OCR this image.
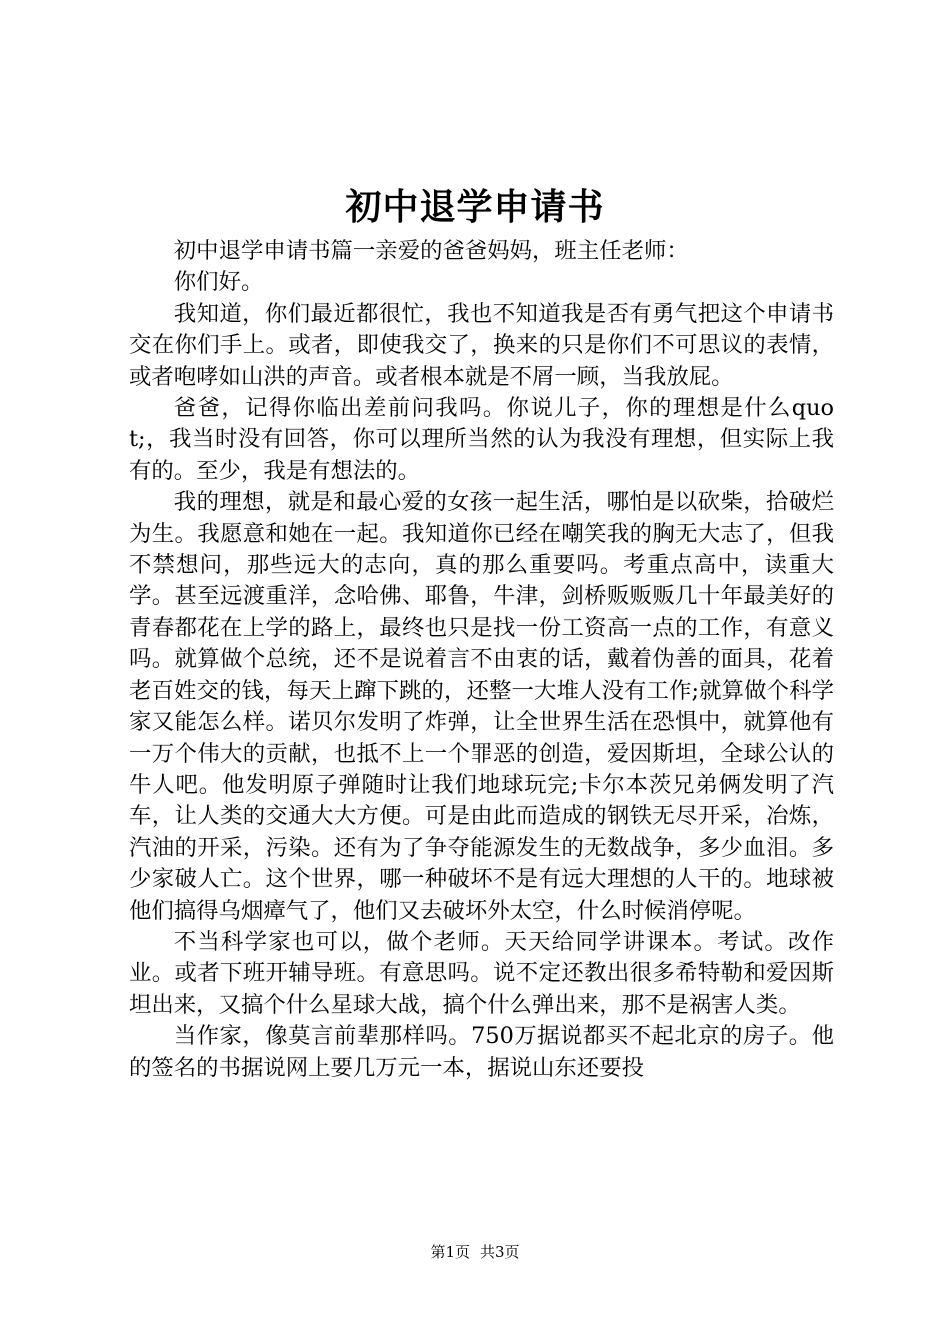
初中退学申请书

初中退学申请书篇一亲爱的爸爸妈妈，班主任老师：

你们好。

我知道，你们最近都很忙，我也不知道我是否有勇气把这个申请书交在你们手上。或者，即使我交了，换来的只是你们不可思议的表情，或者咆哮如山洪的声音。或者根本就是不屑一顾，当我放屁。

爸爸，记得你临出差前问我吗。你说儿子，你的理想是什么quot;，我当时没有回答，你可以理所当然的认为我没有理想，但实际上我有的。至少，我是有想法的。

我的理想，就是和最心爱的女孩一起生活，哪怕是以砍柴，拾破烂为生。我愿意和她在一起。我知道你已经在嘲笑我的胸无大志了，但我不禁想问，那些远大的志向，真的那么重要吗。考重点高中，读重大学。甚至远渡重洋，念哈佛、耶鲁，牛津，剑桥贩贩贩几十年最美好的青春都花在上学的路上，最终也只是找一份工资高一点的工作，有意义吗。就算做个总统，还不是说着言不由衷的话，戴着伪善的面具，花着老百姓交的钱，每天上蹿下跳的，还整一大堆人没有工作;就算做个科学家又能怎么样。诺贝尔发明了炸弹，让全世界生活在恐惧中，就算他有一万个伟大的贡献，也抵不上一个罪恶的创造，爱因斯坦，全球公认的牛人吧。他发明原子弹随时让我们地球玩完;卡尔本茨兄弟俩发明了汽车，让人类的交通大大方便。可是由此而造成的钢铁无尽开采，冶炼，汽油的开采，污染。还有为了争夺能源发生的无数战争，多少血泪。多少家破人亡。这个世界，哪一种破坏不是有远大理想的人干的。地球被他们搞得乌烟瘴气了，他们又去破坏外太空，什么时候消停呢。

不当科学家也可以，做个老师。天天给同学讲课本。考试。改作业。或者下班开辅导班。有意思吗。说不定还教出很多希特勒和爱因斯坦出来，又搞个什么星球大战，搞个什么弹出来，那不是祸害人类。

当作家，像莫言前辈那样吗。750万据说都买不起北京的房子。他的签名的书据说网上要几万元一本，据说山东还要投

第1页 共3页
